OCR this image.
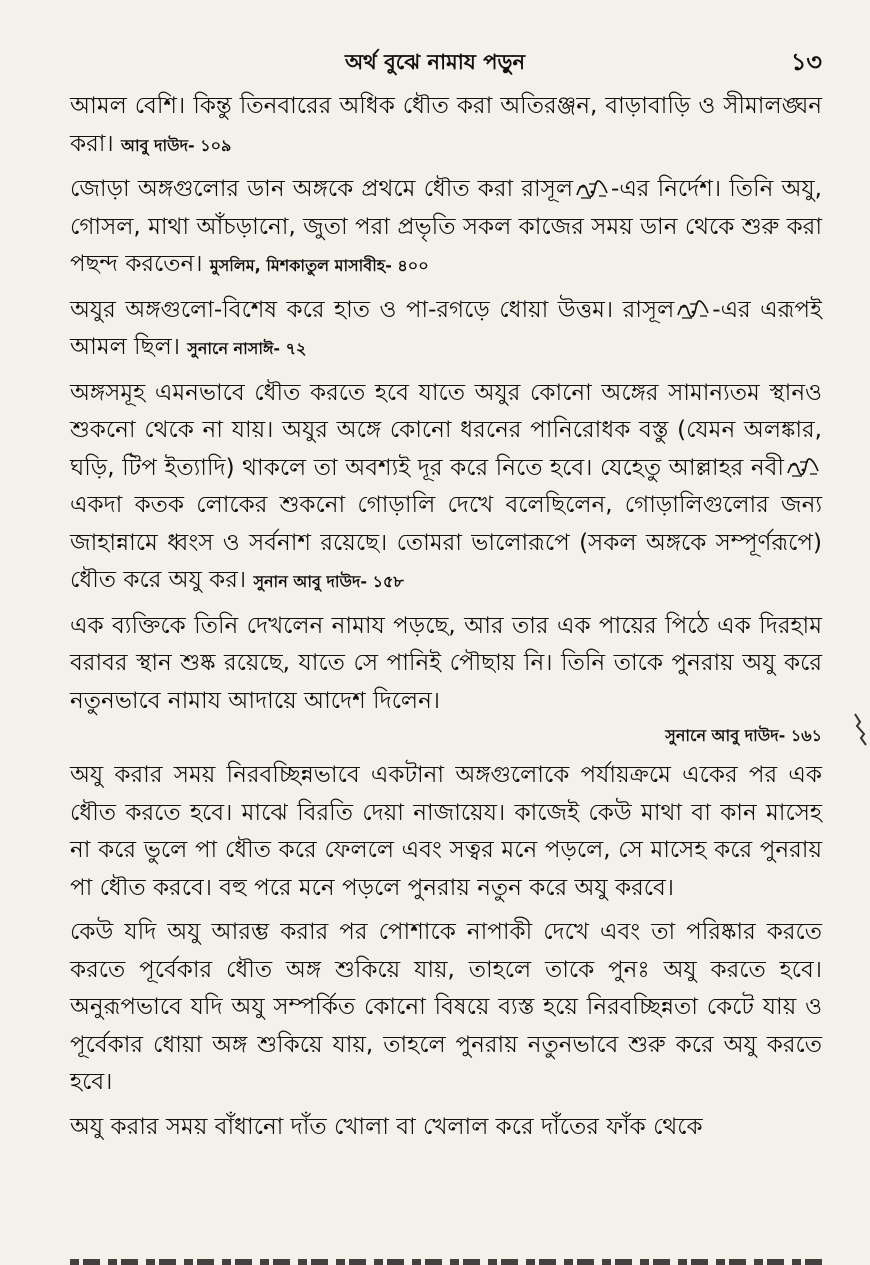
অর্থ বুঝে নামায পড়ুন	১৩

আমল বেশি। কিন্তু তিনবারের অধিক ধৌত করা অতিরঞ্জন, বাড়াবাড়ি ও সীমালঙ্ঘন করা। আবু দাউদ- ১০৯

জোড়া অঙ্গগুলোর ডান অঙ্গকে প্রথমে ধৌত করা রাসূল -এর নির্দেশ। তিনি অযু, গোসল, মাথা আঁচড়ানো, জুতা পরা প্রভৃতি সকল কাজের সময় ডান থেকে শুরু করা পছন্দ করতেন। মুসলিম, মিশকাতুল মাসাবীহ- ৪০০

অযুর অঙ্গগুলো-বিশেষ করে হাত ও পা-রগড়ে ধোয়া উত্তম। রাসূল -এর এরূপই আমল ছিল। সুনানে নাসাঈ- ৭২

অঙ্গসমূহ এমনভাবে ধৌত করতে হবে যাতে অযুর কোনো অঙ্গের সামান্যতম স্থানও শুকনো থেকে না যায়। অযুর অঙ্গে কোনো ধরনের পানিরোধক বস্তু (যেমন অলঙ্কার, ঘড়ি, টিপ ইত্যাদি) থাকলে তা অবশ্যই দূর করে নিতে হবে। যেহেতু আল্লাহর নবী
একদা কতক লোকের শুকনো গোড়ালি দেখে বলেছিলেন, গোড়ালিগুলোর জন্য জাহান্নামে ধ্বংস ও সর্বনাশ রয়েছে। তোমরা ভালোরূপে (সকল অঙ্গকে সম্পূর্ণরূপে) ধৌত করে অযু কর। সুনান আবু দাউদ- ১৫৮

এক ব্যক্তিকে তিনি দেখলেন নামায পড়ছে, আর তার এক পায়ের পিঠে এক দিরহাম বরাবর স্থান শুষ্ক রয়েছে, যাতে সে পানিই পৌছায় নি। তিনি তাকে পুনরায় অযু করে নতুনভাবে নামায আদায়ে আদেশ দিলেন।

সুনানে আবু দাউদ- ১৬১

অযু করার সময় নিরবচ্ছিন্নভাবে একটানা অঙ্গগুলোকে পর্যায়ক্রমে একের পর এক ধৌত করতে হবে। মাঝে বিরতি দেয়া নাজায়েয। কাজেই কেউ মাথা বা কান মাসেহ না করে ভুলে পা ধৌত করে ফেললে এবং সত্বর মনে পড়লে, সে মাসেহ করে পুনরায় পা ধৌত করবে। বহু পরে মনে পড়লে পুনরায় নতুন করে অযু করবে।

কেউ যদি অযু আরম্ভ করার পর পোশাকে নাপাকী দেখে এবং তা পরিষ্কার করতে করতে পূর্বেকার ধৌত অঙ্গ শুকিয়ে যায়, তাহলে তাকে পুনঃ অযু করতে হবে। অনুরূপভাবে যদি অযু সম্পর্কিত কোনো বিষয়ে ব্যস্ত হয়ে নিরবচ্ছিন্নতা কেটে যায় ও পূর্বেকার ধোয়া অঙ্গ শুকিয়ে যায়, তাহলে পুনরায় নতুনভাবে শুরু করে অযু করতে হবে।

অযু করার সময় বাঁধানো দাঁত খোলা বা খেলাল করে দাঁতের ফাঁক থেকে
